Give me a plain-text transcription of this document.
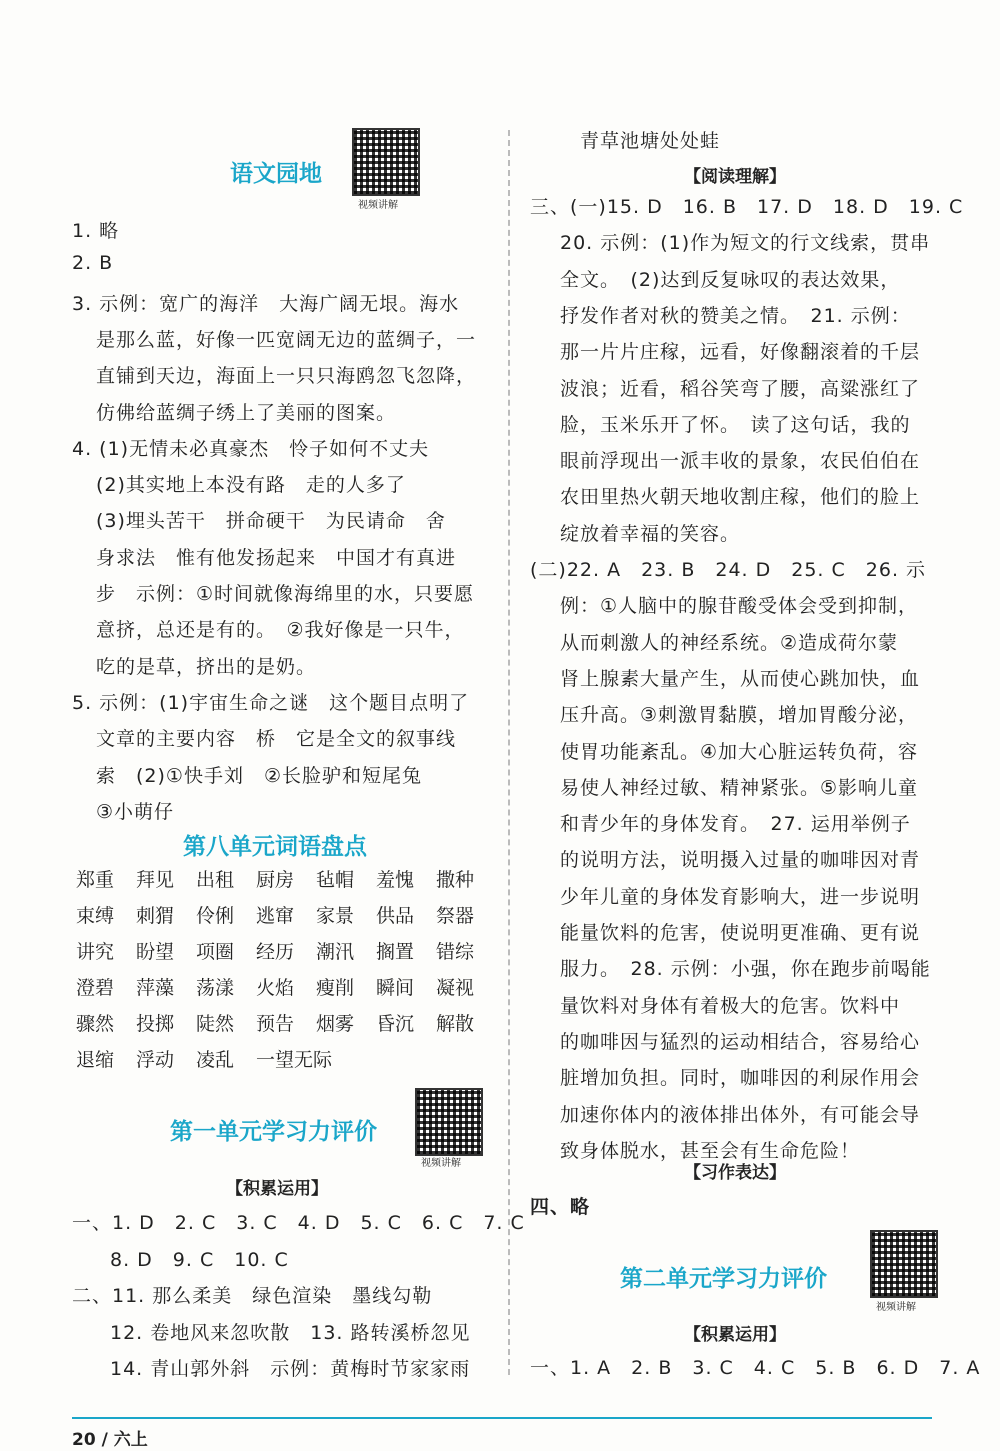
语文园地
视频讲解
1. 略
2. B
3. 示例：宽广的海洋　大海广阔无垠。海水
是那么蓝，好像一匹宽阔无边的蓝绸子，一
直铺到天边，海面上一只只海鸥忽飞忽降，
仿佛给蓝绸子绣上了美丽的图案。
4. (1)无情未必真豪杰　怜子如何不丈夫
(2)其实地上本没有路　走的人多了
(3)埋头苦干　拼命硬干　为民请命　舍
身求法　惟有他发扬起来　中国才有真进
步　示例：①时间就像海绵里的水，只要愿
意挤，总还是有的。　②我好像是一只牛，
吃的是草，挤出的是奶。
5. 示例：(1)宇宙生命之谜　这个题目点明了
文章的主要内容　桥　它是全文的叙事线
索　(2)①快手刘　②长脸驴和短尾兔
③小萌仔
第八单元词语盘点
郑重	拜见	出租	厨房	毡帽	羞愧	撒种
束缚	刺猬	伶俐	逃窜	家景	供品	祭器
讲究	盼望	项圈	经历	潮汛	搁置	错综
澄碧	萍藻	荡漾	火焰	瘦削	瞬间	凝视
骤然	投掷	陡然	预告	烟雾	昏沉	解散
退缩	浮动	凌乱	一望无际
第一单元学习力评价
视频讲解
【积累运用】
一、1. D　2. C　3. C　4. D　5. C　6. C　7. C
8. D　9. C　10. C
二、11. 那么柔美　绿色渲染　墨线勾勒
12. 卷地风来忽吹散　13. 路转溪桥忽见
14. 青山郭外斜　示例：黄梅时节家家雨
青草池塘处处蛙
【阅读理解】
三、(一)15. D　16. B　17. D　18. D　19. C
20. 示例：(1)作为短文的行文线索，贯串
全文。　(2)达到反复咏叹的表达效果，
抒发作者对秋的赞美之情。　21. 示例：
那一片片庄稼，远看，好像翻滚着的千层
波浪；近看，稻谷笑弯了腰，高粱涨红了
脸，玉米乐开了怀。　读了这句话，我的
眼前浮现出一派丰收的景象，农民伯伯在
农田里热火朝天地收割庄稼，他们的脸上
绽放着幸福的笑容。
(二)22. A　23. B　24. D　25. C　26. 示
例：①人脑中的腺苷酸受体会受到抑制，
从而刺激人的神经系统。②造成荷尔蒙
肾上腺素大量产生，从而使心跳加快，血
压升高。③刺激胃黏膜，增加胃酸分泌，
使胃功能紊乱。④加大心脏运转负荷，容
易使人神经过敏、精神紧张。⑤影响儿童
和青少年的身体发育。　27. 运用举例子
的说明方法，说明摄入过量的咖啡因对青
少年儿童的身体发育影响大，进一步说明
能量饮料的危害，使说明更准确、更有说
服力。　28. 示例：小强，你在跑步前喝能
量饮料对身体有着极大的危害。饮料中
的咖啡因与猛烈的运动相结合，容易给心
脏增加负担。同时，咖啡因的利尿作用会
加速你体内的液体排出体外，有可能会导
致身体脱水，甚至会有生命危险！
【习作表达】
四、略
第二单元学习力评价
视频讲解
【积累运用】
一、1. A　2. B　3. C　4. C　5. B　6. D　7. A
20 / 六上
